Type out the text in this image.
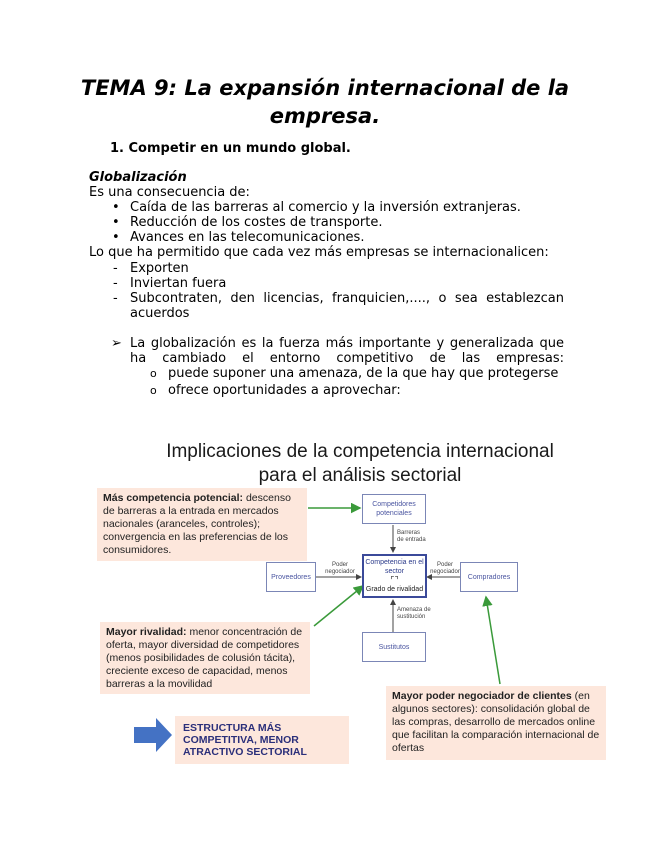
TEMA 9: La expansión internacional de la empresa.
1. Competir en un mundo global.
Globalización
Es una consecuencia de:
• Caída de las barreras al comercio y la inversión extranjeras.
• Reducción de los costes de transporte.
• Avances en las telecomunicaciones.
Lo que ha permitido que cada vez más empresas se internacionalicen:
- Exporten
- Inviertan fuera
- Subcontraten, den licencias, franquicien,...., o sea establezcan acuerdos
➢ La globalización es la fuerza más importante y generalizada que ha cambiado el entorno competitivo de las empresas:
o puede suponer una amenaza, de la que hay que protegerse
o ofrece oportunidades a aprovechar:
Implicaciones de la competencia internacional para el análisis sectorial
Más competencia potencial: descenso de barreras a la entrada en mercados nacionales (aranceles, controles); convergencia en las preferencias de los consumidores.
Mayor rivalidad: menor concentración de oferta, mayor diversidad de competidores (menos posibilidades de colusión tácita), creciente exceso de capacidad, menos barreras a la movilidad
Mayor poder negociador de clientes (en algunos sectores): consolidación global de las compras, desarrollo de mercados online que facilitan la comparación internacional de ofertas
Competidores potenciales
Competencia en el sector
⌜⌝
Grado de rivalidad
Proveedores	Compradores
Sustitutos
Barreras de entrada
Poder negociador
Poder negociador
Amenaza de sustitución
ESTRUCTURA MÁS COMPETITIVA, MENOR ATRACTIVO SECTORIAL
